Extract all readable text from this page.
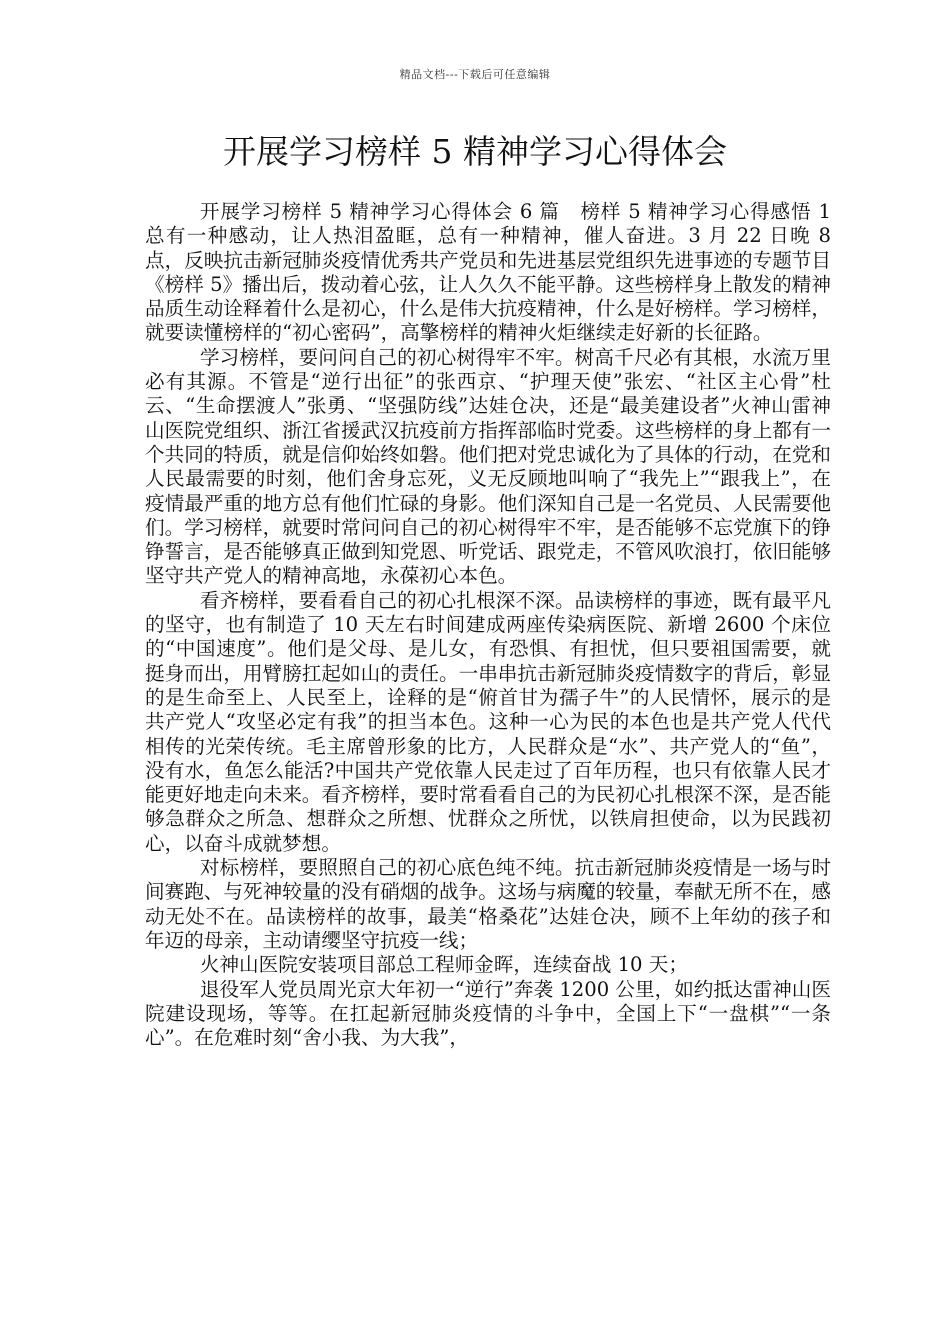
精品文档---下载后可任意编辑
开展学习榜样 5 精神学习心得体会

开展学习榜样 5 精神学习心得体会 6 篇　榜样 5 精神学习心得感悟 1　总有一种感动，让人热泪盈眶，总有一种精神，催人奋进。3 月 22 日晚 8 点，反映抗击新冠肺炎疫情优秀共产党员和先进基层党组织先进事迹的专题节目《榜样 5》播出后，拨动着心弦，让人久久不能平静。这些榜样身上散发的精神品质生动诠释着什么是初心，什么是伟大抗疫精神，什么是好榜样。学习榜样，就要读懂榜样的“初心密码”，高擎榜样的精神火炬继续走好新的长征路。

学习榜样，要问问自己的初心树得牢不牢。树高千尺必有其根，水流万里必有其源。不管是“逆行出征”的张西京、“护理天使”张宏、“社区主心骨”杜云、“生命摆渡人”张勇、“坚强防线”达娃仓决，还是“最美建设者”火神山雷神山医院党组织、浙江省援武汉抗疫前方指挥部临时党委。这些榜样的身上都有一个共同的特质，就是信仰始终如磐。他们把对党忠诚化为了具体的行动，在党和人民最需要的时刻，他们舍身忘死，义无反顾地叫响了“我先上”“跟我上”，在疫情最严重的地方总有他们忙碌的身影。他们深知自己是一名党员、人民需要他们。学习榜样，就要时常问问自己的初心树得牢不牢，是否能够不忘党旗下的铮铮誓言，是否能够真正做到知党恩、听党话、跟党走，不管风吹浪打，依旧能够坚守共产党人的精神高地，永葆初心本色。

看齐榜样，要看看自己的初心扎根深不深。品读榜样的事迹，既有最平凡的坚守，也有制造了 10 天左右时间建成两座传染病医院、新增 2600 个床位的“中国速度”。他们是父母、是儿女，有恐惧、有担忧，但只要祖国需要，就挺身而出，用臂膀扛起如山的责任。一串串抗击新冠肺炎疫情数字的背后，彰显的是生命至上、人民至上，诠释的是“俯首甘为孺子牛”的人民情怀，展示的是共产党人“攻坚必定有我”的担当本色。这种一心为民的本色也是共产党人代代相传的光荣传统。毛主席曾形象的比方，人民群众是“水”、共产党人的“鱼”，没有水，鱼怎么能活?中国共产党依靠人民走过了百年历程，也只有依靠人民才能更好地走向未来。看齐榜样，要时常看看自己的为民初心扎根深不深，是否能够急群众之所急、想群众之所想、忧群众之所忧，以铁肩担使命，以为民践初心，以奋斗成就梦想。

对标榜样，要照照自己的初心底色纯不纯。抗击新冠肺炎疫情是一场与时间赛跑、与死神较量的没有硝烟的战争。这场与病魔的较量，奉献无所不在，感动无处不在。品读榜样的故事，最美“格桑花”达娃仓决，顾不上年幼的孩子和年迈的母亲，主动请缨坚守抗疫一线；

火神山医院安装项目部总工程师金晖，连续奋战 10 天；

退役军人党员周光京大年初一“逆行”奔袭 1200 公里，如约抵达雷神山医院建设现场，等等。在扛起新冠肺炎疫情的斗争中，全国上下“一盘棋”“一条心”。在危难时刻“舍小我、为大我”，
